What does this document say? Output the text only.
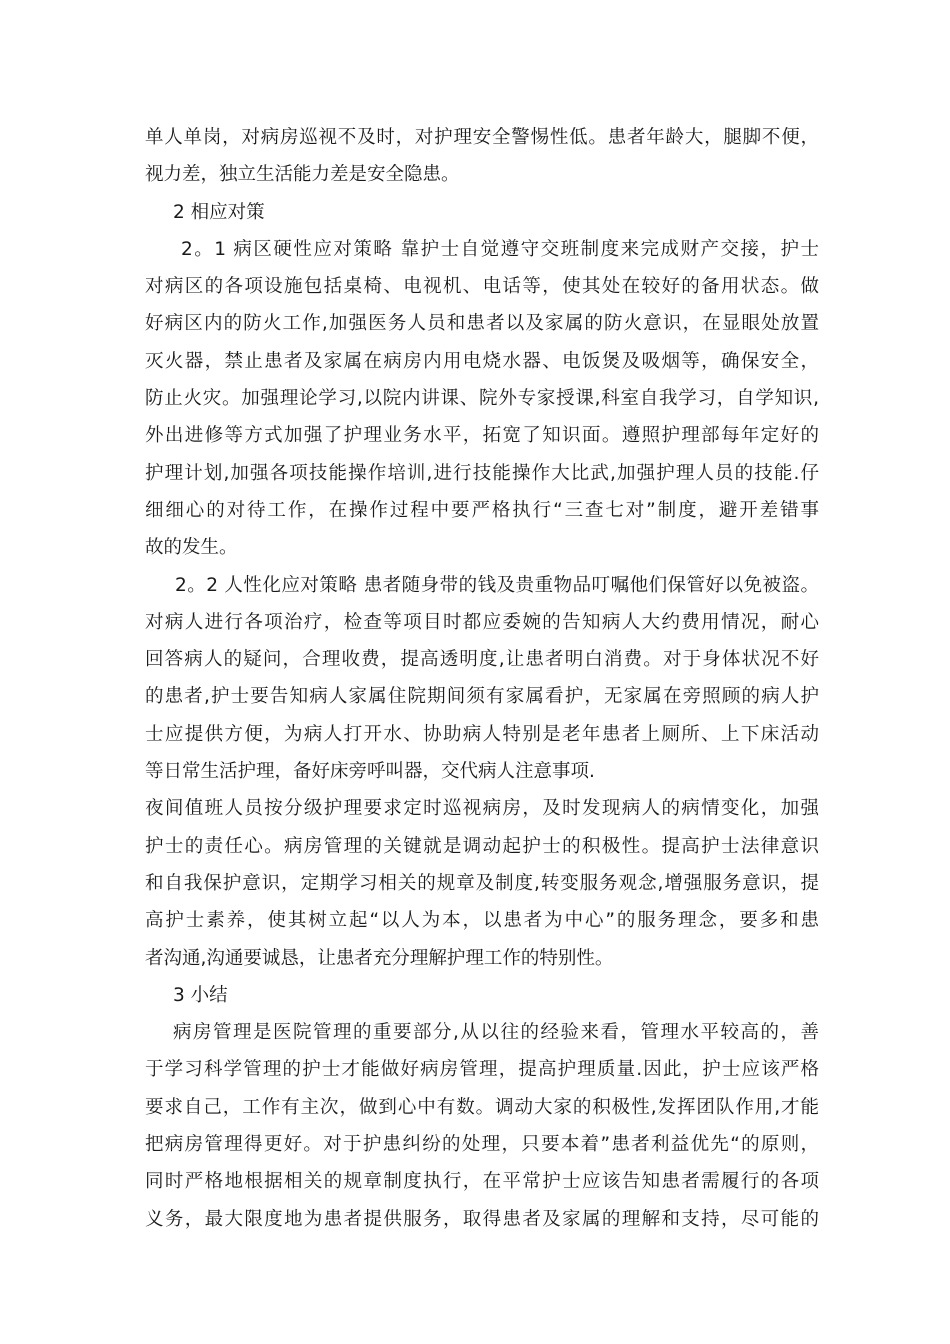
单人单岗，对病房巡视不及时，对护理安全警惕性低。患者年龄大，腿脚不便，
视力差，独立生活能力差是安全隐患。
2 相应对策
2。1 病区硬性应对策略 靠护士自觉遵守交班制度来完成财产交接，护士
对病区的各项设施包括桌椅、电视机、电话等，使其处在较好的备用状态。做
好病区内的防火工作,加强医务人员和患者以及家属的防火意识，在显眼处放置
灭火器，禁止患者及家属在病房内用电烧水器、电饭煲及吸烟等，确保安全，
防止火灾。加强理论学习,以院内讲课、院外专家授课,科室自我学习，自学知识,
外出进修等方式加强了护理业务水平，拓宽了知识面。遵照护理部每年定好的
护理计划,加强各项技能操作培训,进行技能操作大比武,加强护理人员的技能.仔
细细心的对待工作，在操作过程中要严格执行“三查七对”制度，避开差错事
故的发生。
2。2 人性化应对策略 患者随身带的钱及贵重物品叮嘱他们保管好以免被盗。
对病人进行各项治疗，检查等项目时都应委婉的告知病人大约费用情况，耐心
回答病人的疑问，合理收费，提高透明度,让患者明白消费。对于身体状况不好
的患者,护士要告知病人家属住院期间须有家属看护，无家属在旁照顾的病人护
士应提供方便，为病人打开水、协助病人特别是老年患者上厕所、上下床活动
等日常生活护理，备好床旁呼叫器，交代病人注意事项.
夜间值班人员按分级护理要求定时巡视病房，及时发现病人的病情变化，加强
护士的责任心。病房管理的关键就是调动起护士的积极性。提高护士法律意识
和自我保护意识，定期学习相关的规章及制度,转变服务观念,增强服务意识，提
高护士素养，使其树立起“以人为本，以患者为中心”的服务理念，要多和患
者沟通,沟通要诚恳，让患者充分理解护理工作的特别性。
3 小结
病房管理是医院管理的重要部分,从以往的经验来看，管理水平较高的，善
于学习科学管理的护士才能做好病房管理，提高护理质量.因此，护士应该严格
要求自己，工作有主次，做到心中有数。调动大家的积极性,发挥团队作用,才能
把病房管理得更好。对于护患纠纷的处理，只要本着”患者利益优先“的原则，
同时严格地根据相关的规章制度执行，在平常护士应该告知患者需履行的各项
义务，最大限度地为患者提供服务，取得患者及家属的理解和支持，尽可能的
